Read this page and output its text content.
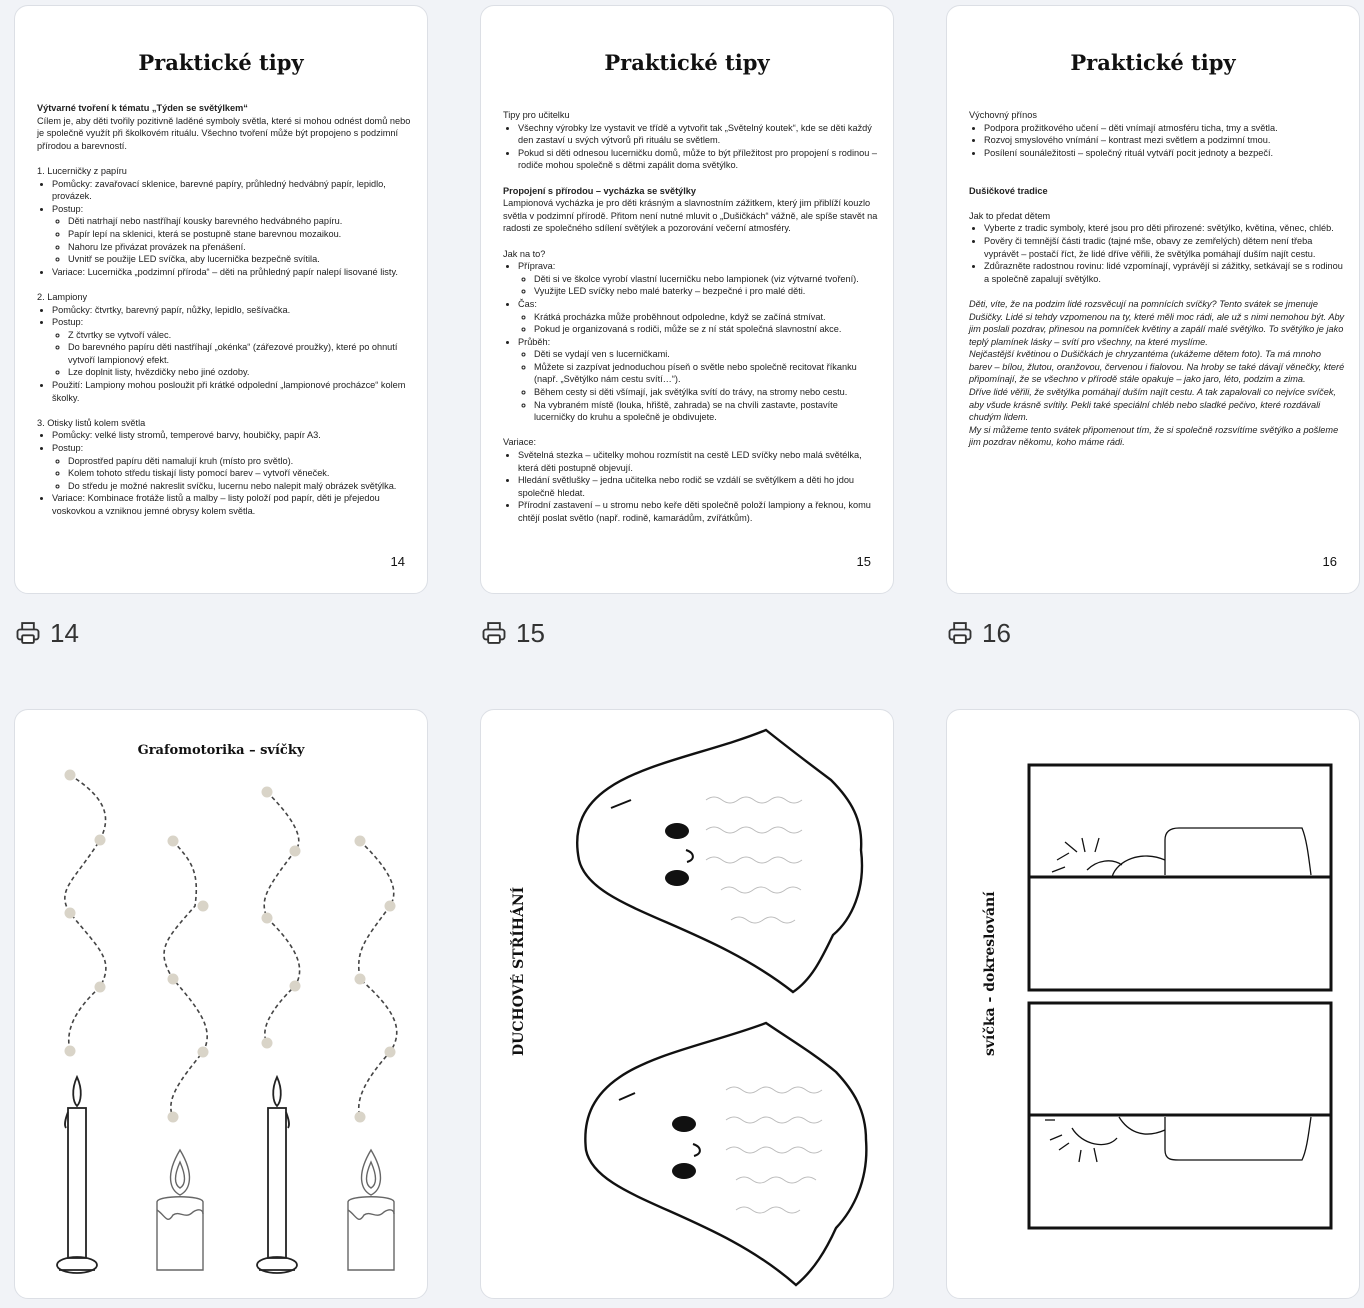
Praktické tipy

Výtvarné tvoření k tématu „Týden se světýlkem“

Cílem je, aby děti tvořily pozitivně laděné symboly světla, které si mohou odnést domů nebo je společně využít při školkovém rituálu. Všechno tvoření může být propojeno s podzimní přírodou a barevností.

1. Lucerničky z papíru

• Pomůcky: zavařovací sklenice, barevné papíry, průhledný hedvábný papír, lepidlo, provázek.
• Postup:
◦ Děti natrhají nebo nastříhají kousky barevného hedvábného papíru.
◦ Papír lepí na sklenici, která se postupně stane barevnou mozaikou.
◦ Nahoru lze přivázat provázek na přenášení.
◦ Uvnitř se použije LED svíčka, aby lucernička bezpečně svítila.
• Variace: Lucernička „podzimní příroda“ – děti na průhledný papír nalepí lisované listy.

2. Lampiony

• Pomůcky: čtvrtky, barevný papír, nůžky, lepidlo, sešívačka.
• Postup:
◦ Z čtvrtky se vytvoří válec.
◦ Do barevného papíru děti nastříhají „okénka“ (zářezové proužky), které po ohnutí vytvoří lampionový efekt.
◦ Lze doplnit listy, hvězdičky nebo jiné ozdoby.
• Použití: Lampiony mohou posloužit při krátké odpolední „lampionové procházce“ kolem školky.

3. Otisky listů kolem světla

• Pomůcky: velké listy stromů, temperové barvy, houbičky, papír A3.
• Postup:
◦ Doprostřed papíru děti namalují kruh (místo pro světlo).
◦ Kolem tohoto středu tiskají listy pomocí barev – vytvoří věneček.
◦ Do středu je možné nakreslit svíčku, lucernu nebo nalepit malý obrázek světýlka.
• Variace: Kombinace frotáže listů a malby – listy položí pod papír, děti je přejedou voskovkou a vzniknou jemné obrysy kolem světla.
14
Praktické tipy

Tipy pro učitelku

• Všechny výrobky lze vystavit ve třídě a vytvořit tak „Světelný koutek“, kde se děti každý den zastaví u svých výtvorů při rituálu se světlem.
• Pokud si děti odnesou lucerničku domů, může to být příležitost pro propojení s rodinou – rodiče mohou společně s dětmi zapálit doma světýlko.

Propojení s přírodou – vycházka se světýlky

Lampionová vycházka je pro děti krásným a slavnostním zážitkem, který jim přiblíží kouzlo světla v podzimní přírodě. Přitom není nutné mluvit o „Dušičkách“ vážně, ale spíše stavět na radosti ze společného sdílení světýlek a pozorování večerní atmosféry.

Jak na to?

• Příprava:
◦ Děti si ve školce vyrobí vlastní lucerničku nebo lampionek (viz výtvarné tvoření).
◦ Využijte LED svíčky nebo malé baterky – bezpečné i pro malé děti.
• Čas:
◦ Krátká procházka může proběhnout odpoledne, když se začíná stmívat.
◦ Pokud je organizovaná s rodiči, může se z ní stát společná slavnostní akce.
• Průběh:
◦ Děti se vydají ven s lucerničkami.
◦ Můžete si zazpívat jednoduchou píseň o světle nebo společně recitovat říkanku (např. „Světýlko nám cestu svítí…“).
◦ Během cesty si děti všímají, jak světýlka svítí do trávy, na stromy nebo cestu.
◦ Na vybraném místě (louka, hřiště, zahrada) se na chvíli zastavte, postavíte lucerničky do kruhu a společně je obdivujete.

Variace:

• Světelná stezka – učitelky mohou rozmístit na cestě LED svíčky nebo malá světélka, která děti postupně objevují.
• Hledání světlušky – jedna učitelka nebo rodič se vzdálí se světýlkem a děti ho jdou společně hledat.
• Přírodní zastavení – u stromu nebo keře děti společně položí lampiony a řeknou, komu chtějí poslat světlo (např. rodině, kamarádům, zvířátkům).
15
Praktické tipy

Výchovný přínos

• Podpora prožitkového učení – děti vnímají atmosféru ticha, tmy a světla.
• Rozvoj smyslového vnímání – kontrast mezi světlem a podzimní tmou.
• Posílení sounáležitosti – společný rituál vytváří pocit jednoty a bezpečí.

Dušičkové tradice

Jak to předat dětem

• Vyberte z tradic symboly, které jsou pro děti přirozené: světýlko, květina, věnec, chléb.
• Pověry či temnější části tradic (tajné mše, obavy ze zemřelých) dětem není třeba vyprávět – postačí říct, že lidé dříve věřili, že světýlka pomáhají duším najít cestu.
• Zdůrazněte radostnou rovinu: lidé vzpomínají, vyprávějí si zážitky, setkávají se s rodinou a společně zapalují světýlko.

Děti, víte, že na podzim lidé rozsvěcují na pomnících svíčky? Tento svátek se jmenuje Dušičky. Lidé si tehdy vzpomenou na ty, které měli moc rádi, ale už s nimi nemohou být. Aby jim poslali pozdrav, přinesou na pomníček květiny a zapálí malé světýlko. To světýlko je jako teplý plamínek lásky – svítí pro všechny, na které myslíme.

Nejčastější květinou o Dušičkách je chryzantéma (ukážeme dětem foto). Ta má mnoho barev – bílou, žlutou, oranžovou, červenou i fialovou. Na hroby se také dávají věnečky, které připomínají, že se všechno v přírodě stále opakuje – jako jaro, léto, podzim a zima.

Dříve lidé věřili, že světýlka pomáhají duším najít cestu. A tak zapalovali co nejvíce svíček, aby všude krásně svítily. Pekli také speciální chléb nebo sladké pečivo, které rozdávali chudým lidem.

My si můžeme tento svátek připomenout tím, že si společně rozsvítíme světýlko a pošleme jim pozdrav někomu, koho máme rádi.

16
14	15	16
Grafomotorika – svíčky
DUCHOVÉ STŘÍHÁNÍ	svíčka - dokreslování
